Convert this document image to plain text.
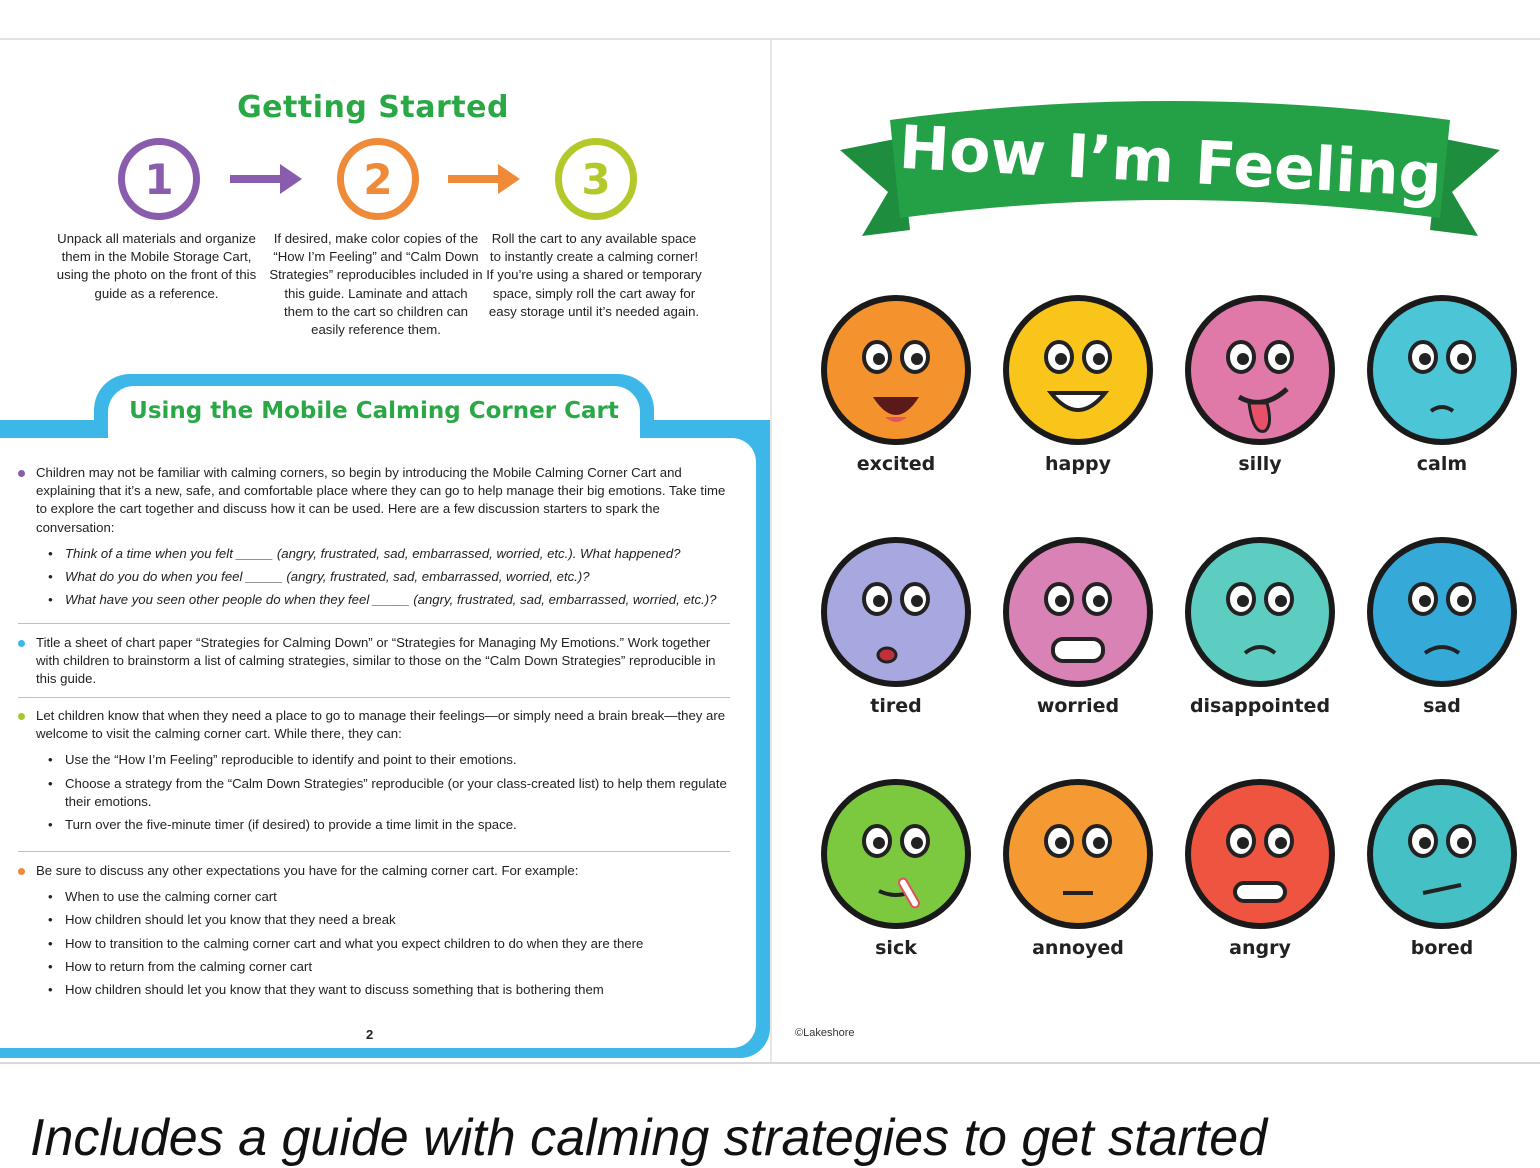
Getting Started
1	2	3
Unpack all materials and organize them in the Mobile Storage Cart, using the photo on the front of this guide as a reference.
If desired, make color copies of the “How I’m Feeling” and “Calm Down Strategies” reproducibles included in this guide. Laminate and attach them to the cart so children can easily reference them.
Roll the cart to any available space to instantly create a calming corner! If you’re using a shared or temporary space, simply roll the cart away for easy storage until it’s needed again.
Using the Mobile Calming Corner Cart
Children may not be familiar with calming corners, so begin by introducing the Mobile Calming Corner Cart and explaining that it’s a new, safe, and comfortable place where they can go to help manage their big emotions. Take time to explore the cart together and discuss how it can be used. Here are a few discussion starters to spark the conversation:
• Think of a time when you felt _____ (angry, frustrated, sad, embarrassed, worried, etc.). What happened?
• What do you do when you feel _____ (angry, frustrated, sad, embarrassed, worried, etc.)?
• What have you seen other people do when they feel _____ (angry, frustrated, sad, embarrassed, worried, etc.)?
Title a sheet of chart paper “Strategies for Calming Down” or “Strategies for Managing My Emotions.” Work together with children to brainstorm a list of calming strategies, similar to those on the “Calm Down Strategies” reproducible in this guide.
Let children know that when they need a place to go to manage their feelings—or simply need a brain break—they are welcome to visit the calming corner cart. While there, they can:
• Use the “How I’m Feeling” reproducible to identify and point to their emotions.
• Choose a strategy from the “Calm Down Strategies” reproducible (or your class-created list) to help them regulate their emotions.
• Turn over the five-minute timer (if desired) to provide a time limit in the space.
Be sure to discuss any other expectations you have for the calming corner cart. For example:
• When to use the calming corner cart
• How children should let you know that they need a break
• How to transition to the calming corner cart and what you expect children to do when they are there
• How to return from the calming corner cart
• How children should let you know that they want to discuss something that is bothering them
2
How I’m Feeling
excited	happy	silly	calm
tired	worried	disappointed	sad
sick	annoyed	angry	bored
©Lakeshore
Includes a guide with calming strategies to get started
